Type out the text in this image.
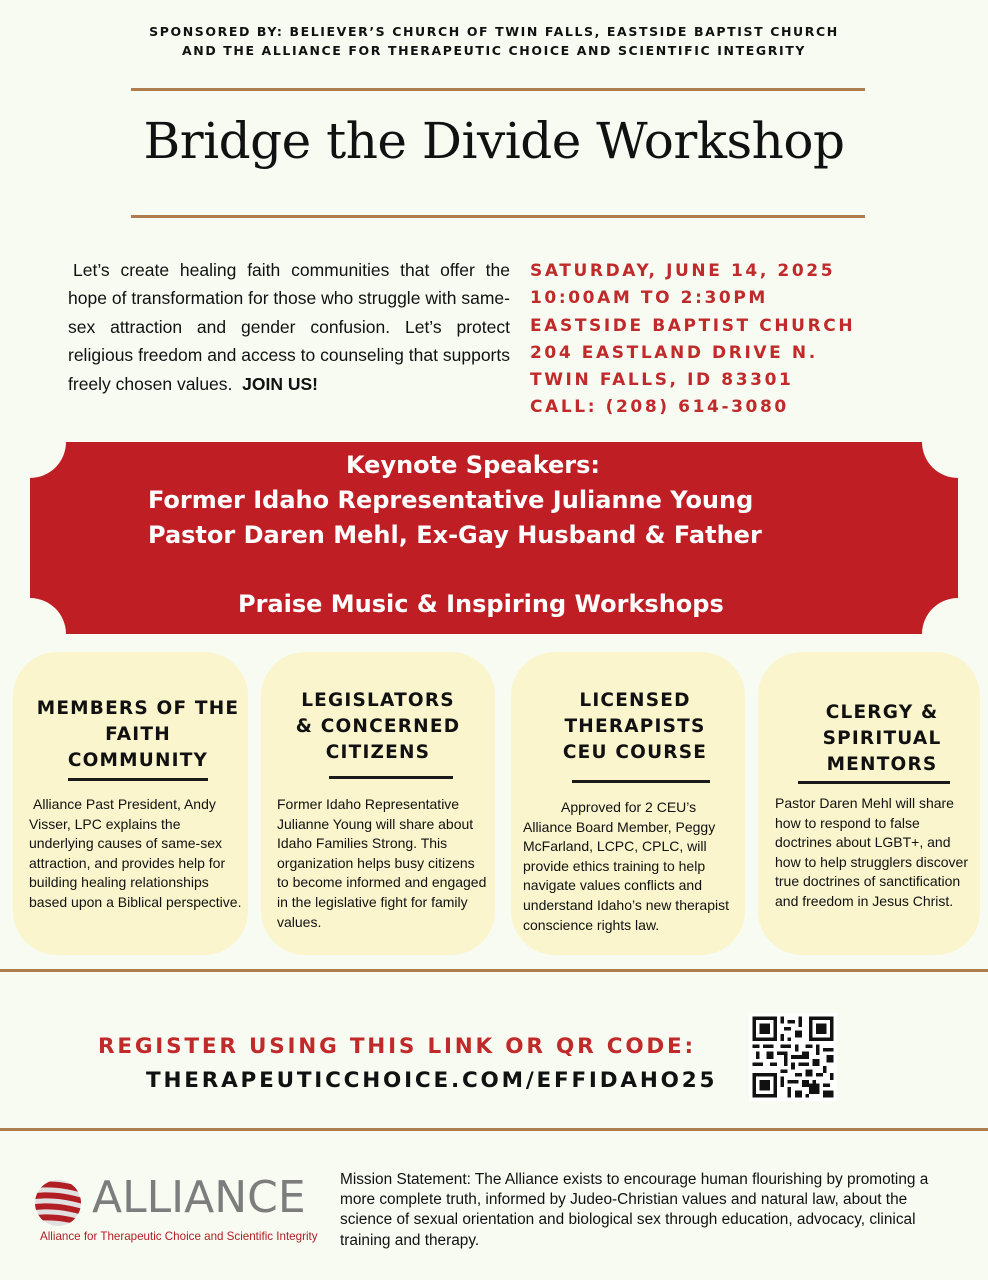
SPONSORED BY: BELIEVER’S CHURCH OF TWIN FALLS, EASTSIDE BAPTIST CHURCH
AND THE ALLIANCE FOR THERAPEUTIC CHOICE AND SCIENTIFIC INTEGRITY
Bridge the Divide Workshop
Let’s create healing faith communities that offer the hope of transformation for those who struggle with same-sex attraction and gender confusion. Let’s protect religious freedom and access to counseling that supports freely chosen values. JOIN US!
SATURDAY, JUNE 14, 2025
10:00AM TO 2:30PM
EASTSIDE BAPTIST CHURCH
204 EASTLAND DRIVE N.
TWIN FALLS, ID 83301
CALL: (208) 614-3080
Keynote Speakers:
Former Idaho Representative Julianne Young
Pastor Daren Mehl, Ex-Gay Husband & Father
Praise Music & Inspiring Workshops
MEMBERS OF THE
FAITH
COMMUNITY
Alliance Past President, Andy Visser, LPC explains the underlying causes of same-sex attraction, and provides help for building healing relationships based upon a Biblical perspective.
LEGISLATORS
& CONCERNED
CITIZENS
Former Idaho Representative Julianne Young will share about Idaho Families Strong. This organization helps busy citizens to become informed and engaged in the legislative fight for family values.
LICENSED
THERAPISTS
CEU COURSE
Approved for 2 CEU’s
Alliance Board Member, Peggy McFarland, LCPC, CPLC, will provide ethics training to help navigate values conflicts and understand Idaho’s new therapist conscience rights law.
CLERGY &
SPIRITUAL
MENTORS
Pastor Daren Mehl will share how to respond to false doctrines about LGBT+, and how to help strugglers discover true doctrines of sanctification and freedom in Jesus Christ.
REGISTER USING THIS LINK OR QR CODE:
THERAPEUTICCHOICE.COM/EFFIDAHO25
ALLIANCE
Alliance for Therapeutic Choice and Scientific Integrity
Mission Statement: The Alliance exists to encourage human flourishing by promoting a more complete truth, informed by Judeo-Christian values and natural law, about the science of sexual orientation and biological sex through education, advocacy, clinical training and therapy.
